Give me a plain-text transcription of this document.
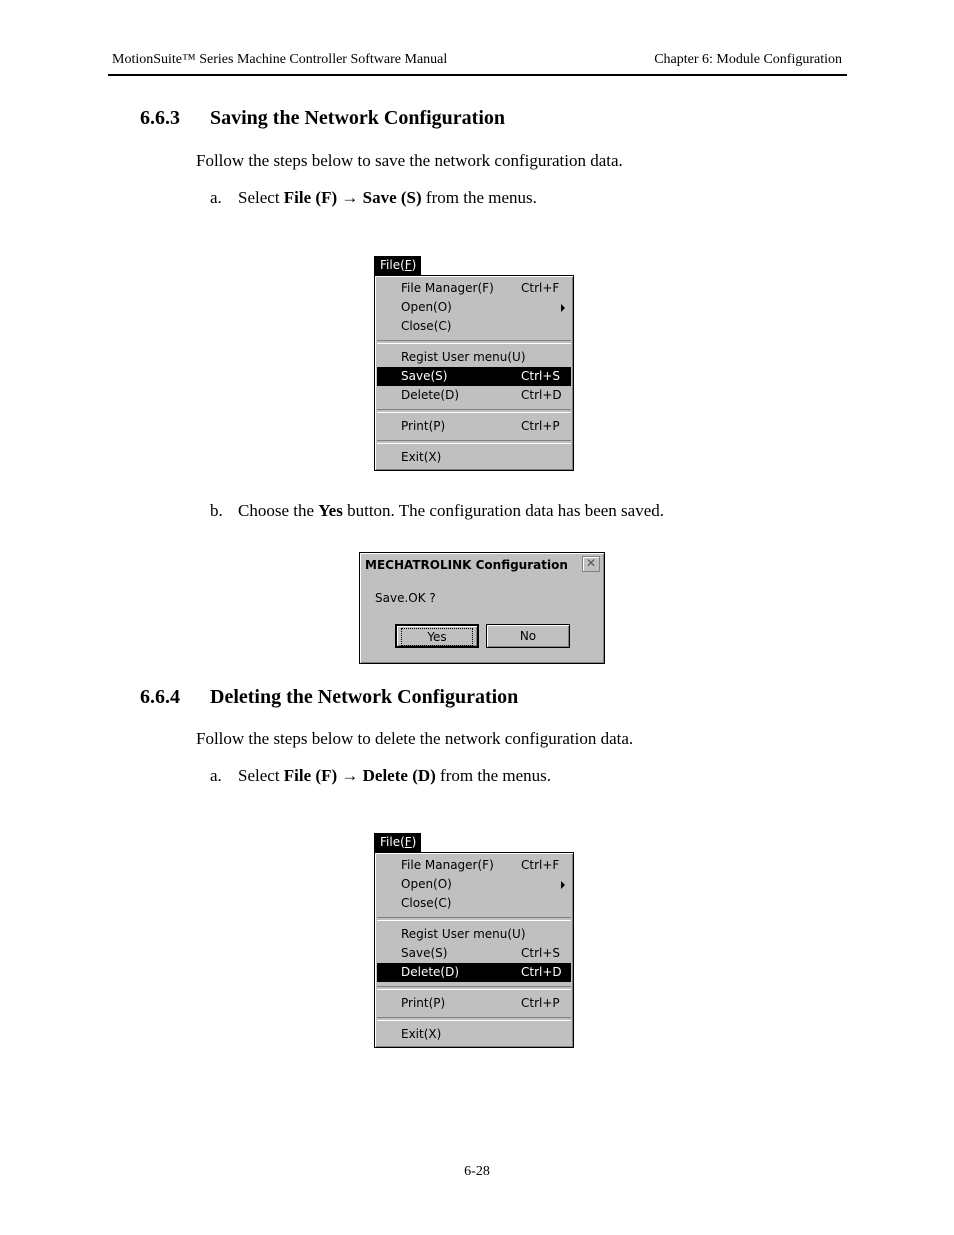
MotionSuite™ Series Machine Controller Software Manual	Chapter 6: Module Configuration
6.6.3 Saving the Network Configuration
Follow the steps below to save the network configuration data.
a. Select File (F) → Save (S) from the menus.
File(F)
File Manager(F) Ctrl+F
Open(O)
Close(C)
Regist User menu(U)
Save(S)	Ctrl+S
Delete(D)	Ctrl+D
Print(P)	Ctrl+P
Exit(X)
b. Choose the Yes button. The configuration data has been saved.
MECHATROLINK Configuration	✕
Save.OK ?
Yes	No
6.6.4 Deleting the Network Configuration
Follow the steps below to delete the network configuration data.
a. Select File (F) → Delete (D) from the menus.
File(F)
File Manager(F) Ctrl+F
Open(O)
Close(C)
Regist User menu(U)
Save(S)	Ctrl+S
Delete(D)	Ctrl+D
Print(P)	Ctrl+P
Exit(X)
6-28
